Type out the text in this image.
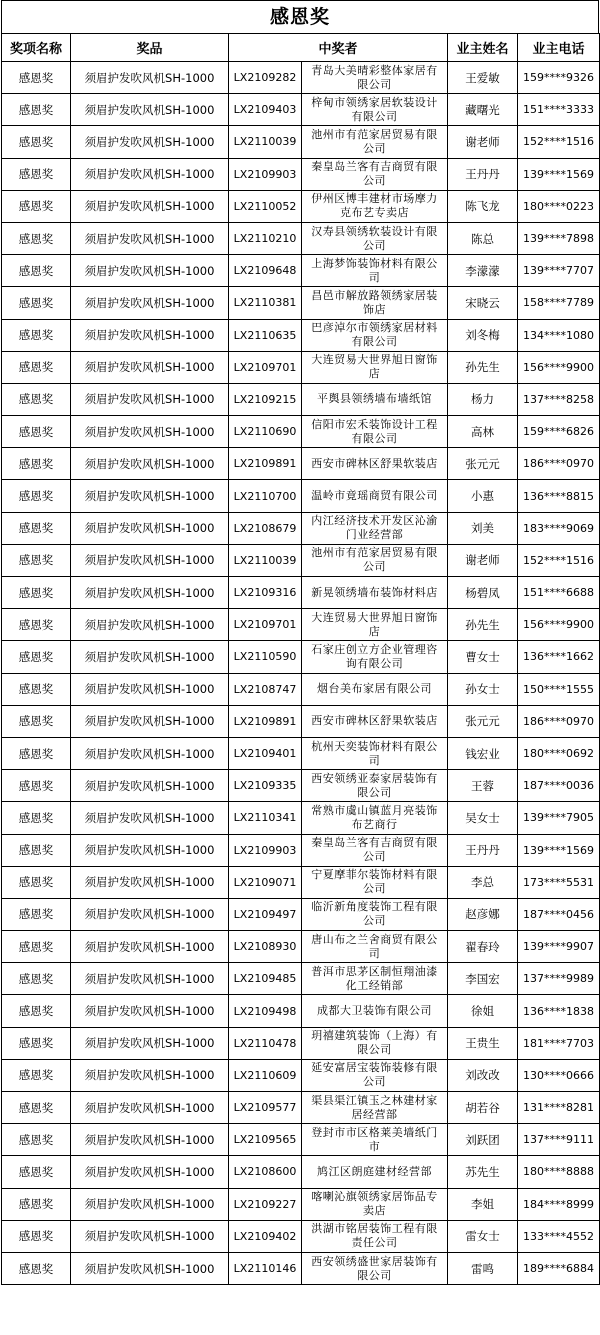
感恩奖
奖项名称	奖品	中奖者		业主姓名	业主电话
感恩奖	须眉护发吹风机SH-1000	LX2109282	青岛大美晴彩整体家居有限公司	王爱敏	159****9326
感恩奖	须眉护发吹风机SH-1000	LX2109403	梓甸市领绣家居软装设计有限公司	藏曙光	151****3333
感恩奖	须眉护发吹风机SH-1000	LX2110039	池州市有范家居贸易有限公司	谢老师	152****1516
感恩奖	须眉护发吹风机SH-1000	LX2109903	秦皇岛兰客有吉商贸有限公司	王丹丹	139****1569
感恩奖	须眉护发吹风机SH-1000	LX2110052	伊州区博丰建材市场摩力克布艺专卖店	陈飞龙	180****0223
感恩奖	须眉护发吹风机SH-1000	LX2110210	汉寿县领绣软装设计有限公司	陈总	139****7898
感恩奖	须眉护发吹风机SH-1000	LX2109648	上海梦饰装饰材料有限公司	李濛濛	139****7707
感恩奖	须眉护发吹风机SH-1000	LX2110381	昌邑市解放路领绣家居装饰店	宋晓云	158****7789
感恩奖	须眉护发吹风机SH-1000	LX2110635	巴彦淖尔市领绣家居材料有限公司	刘冬梅	134****1080
感恩奖	须眉护发吹风机SH-1000	LX2109701	大连贸易大世界旭日窗饰店	孙先生	156****9900
感恩奖	须眉护发吹风机SH-1000	LX2109215	平舆县领绣墙布墙纸馆	杨力	137****8258
感恩奖	须眉护发吹风机SH-1000	LX2110690	信阳市宏禾装饰设计工程有限公司	高林	159****6826
感恩奖	须眉护发吹风机SH-1000	LX2109891	西安市碑林区舒果软装店	张元元	186****0970
感恩奖	须眉护发吹风机SH-1000	LX2110700	温岭市竟瑶商贸有限公司	小惠	136****8815
感恩奖	须眉护发吹风机SH-1000	LX2108679	内江经济技术开发区沁渝门业经营部	刘美	183****9069
感恩奖	须眉护发吹风机SH-1000	LX2110039	池州市有范家居贸易有限公司	谢老师	152****1516
感恩奖	须眉护发吹风机SH-1000	LX2109316	新晃领绣墙布装饰材料店	杨碧凤	151****6688
感恩奖	须眉护发吹风机SH-1000	LX2109701	大连贸易大世界旭日窗饰店	孙先生	156****9900
感恩奖	须眉护发吹风机SH-1000	LX2110590	石家庄创立方企业管理咨询有限公司	曹女士	136****1662
感恩奖	须眉护发吹风机SH-1000	LX2108747	烟台美布家居有限公司	孙女士	150****1555
感恩奖	须眉护发吹风机SH-1000	LX2109891	西安市碑林区舒果软装店	张元元	186****0970
感恩奖	须眉护发吹风机SH-1000	LX2109401	杭州天奕装饰材料有限公司	钱宏业	180****0692
感恩奖	须眉护发吹风机SH-1000	LX2109335	西安领绣亚泰家居装饰有限公司	王蓉	187****0036
感恩奖	须眉护发吹风机SH-1000	LX2110341	常熟市虞山镇蓝月亮装饰布艺商行	吴女士	139****7905
感恩奖	须眉护发吹风机SH-1000	LX2109903	秦皇岛兰客有吉商贸有限公司	王丹丹	139****1569
感恩奖	须眉护发吹风机SH-1000	LX2109071	宁夏摩菲尔装饰材料有限公司	李总	173****5531
感恩奖	须眉护发吹风机SH-1000	LX2109497	临沂新角度装饰工程有限公司	赵彦娜	187****0456
感恩奖	须眉护发吹风机SH-1000	LX2108930	唐山布之兰舍商贸有限公司	翟春玲	139****9907
感恩奖	须眉护发吹风机SH-1000	LX2109485	普洱市思茅区制恒翔油漆化工经销部	李国宏	137****9989
感恩奖	须眉护发吹风机SH-1000	LX2109498	成都大卫装饰有限公司	徐姐	136****1838
感恩奖	须眉护发吹风机SH-1000	LX2110478	玥禧建筑装饰（上海）有限公司	王贵生	181****7703
感恩奖	须眉护发吹风机SH-1000	LX2110609	延安富居宝装饰装修有限公司	刘改改	130****0666
感恩奖	须眉护发吹风机SH-1000	LX2109577	渠县渠江镇玉之林建材家居经营部	胡若谷	131****8281
感恩奖	须眉护发吹风机SH-1000	LX2109565	登封市市区格莱美墙纸门市	刘跃团	137****9111
感恩奖	须眉护发吹风机SH-1000	LX2108600	鸠江区朗庭建材经营部	苏先生	180****8888
感恩奖	须眉护发吹风机SH-1000	LX2109227	喀喇沁旗领绣家居饰品专卖店	李姐	184****8999
感恩奖	须眉护发吹风机SH-1000	LX2109402	洪湖市铭居装饰工程有限责任公司	雷女士	133****4552
感恩奖	须眉护发吹风机SH-1000	LX2110146	西安领绣盛世家居装饰有限公司	雷鸣	189****6884
